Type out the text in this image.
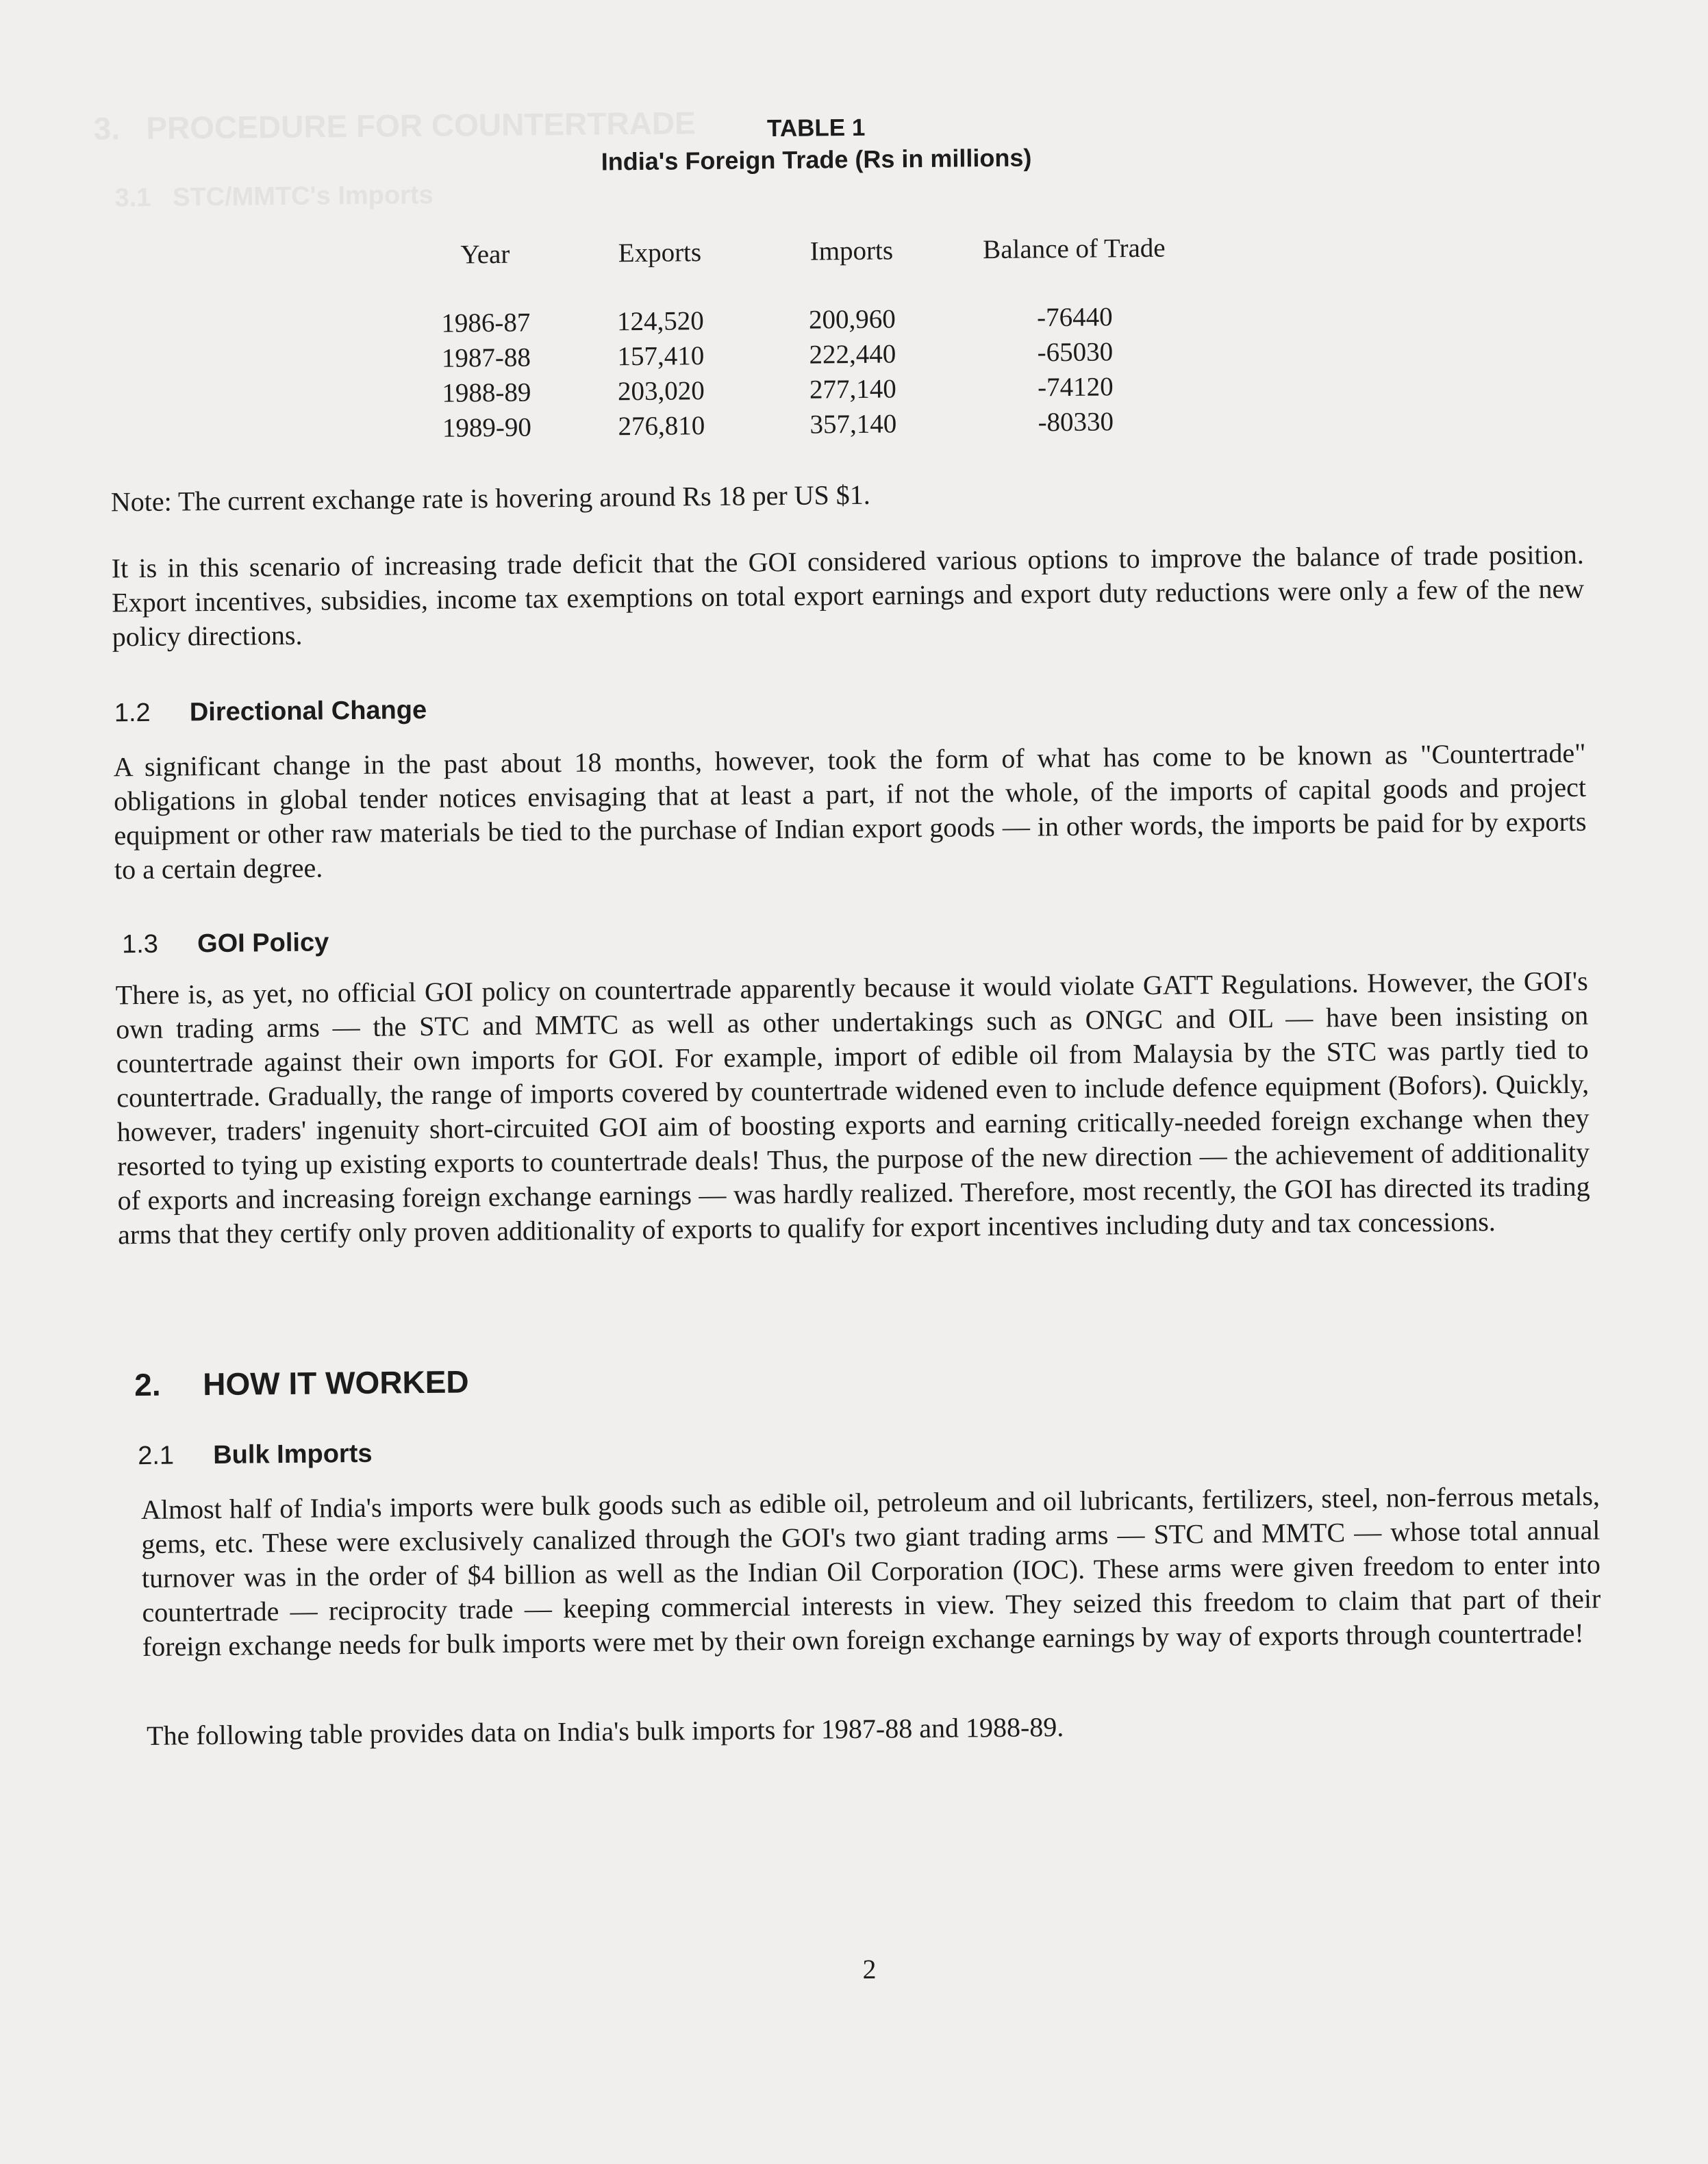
3.   PROCEDURE FOR COUNTERTRADE
3.1   STC/MMTC's Imports
TABLE 1
India's Foreign Trade (Rs in millions)
Year	Exports	Imports	Balance of Trade
1986-87	124,520	200,960	-76440
1987-88	157,410	222,440	-65030
1988-89	203,020	277,140	-74120
1989-90	276,810	357,140	-80330
Note: The current exchange rate is hovering around Rs 18 per US $1.
It is in this scenario of increasing trade deficit that the GOI considered various options to improve the balance of trade position. Export incentives, subsidies, income tax exemptions on total export earnings and export duty reductions were only a few of the new policy directions.
1.2 Directional Change
A significant change in the past about 18 months, however, took the form of what has come to be known as "Countertrade" obligations in global tender notices envisaging that at least a part, if not the whole, of the imports of capital goods and project equipment or other raw materials be tied to the purchase of Indian export goods — in other words, the imports be paid for by exports to a certain degree.
1.3 GOI Policy
There is, as yet, no official GOI policy on countertrade apparently because it would violate GATT Regulations. However, the GOI's own trading arms — the STC and MMTC as well as other undertakings such as ONGC and OIL — have been insisting on countertrade against their own imports for GOI. For example, import of edible oil from Malaysia by the STC was partly tied to countertrade. Gradually, the range of imports covered by countertrade widened even to include defence equipment (Bofors). Quickly, however, traders' ingenuity short-circuited GOI aim of boosting exports and earning critically-needed foreign exchange when they resorted to tying up existing exports to countertrade deals! Thus, the purpose of the new direction — the achievement of additionality of exports and increasing foreign exchange earnings — was hardly realized. Therefore, most recently, the GOI has directed its trading arms that they certify only proven additionality of exports to qualify for export incentives including duty and tax concessions.
2. HOW IT WORKED
2.1 Bulk Imports
Almost half of India's imports were bulk goods such as edible oil, petroleum and oil lubricants, fertilizers, steel, non-ferrous metals, gems, etc. These were exclusively canalized through the GOI's two giant trading arms — STC and MMTC — whose total annual turnover was in the order of $4 billion as well as the Indian Oil Corporation (IOC). These arms were given freedom to enter into countertrade — reciprocity trade — keeping commercial interests in view. They seized this freedom to claim that part of their foreign exchange needs for bulk imports were met by their own foreign exchange earnings by way of exports through countertrade!
The following table provides data on India's bulk imports for 1987-88 and 1988-89.
2
